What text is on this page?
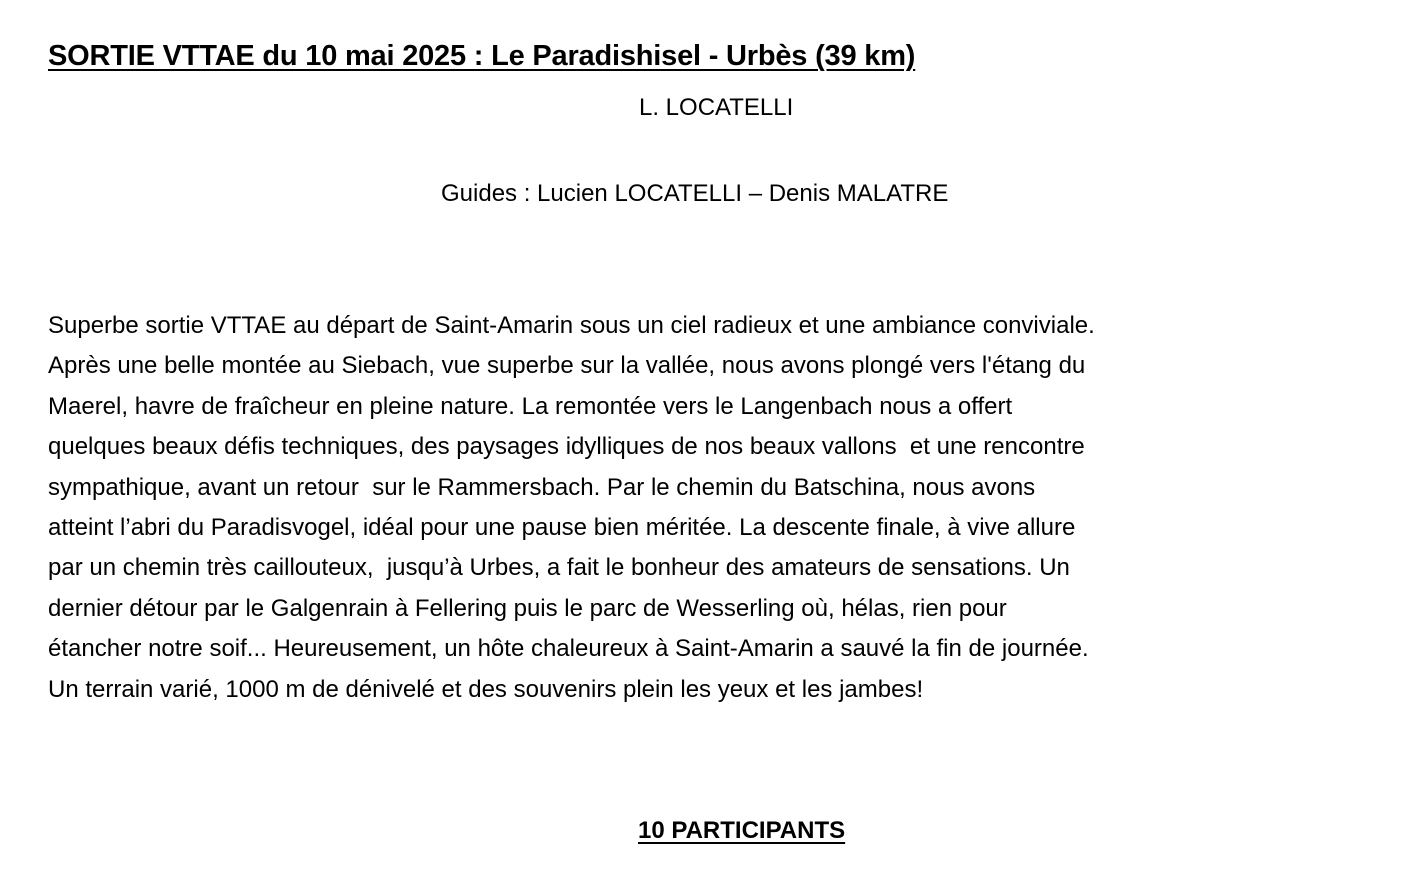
SORTIE VTTAE du 10 mai 2025 : Le Paradishisel - Urbès (39 km)

L. LOCATELLI

Guides : Lucien LOCATELLI – Denis MALATRE

Superbe sortie VTTAE au départ de Saint-Amarin sous un ciel radieux et une ambiance conviviale.
Après une belle montée au Siebach, vue superbe sur la vallée, nous avons plongé vers l'étang du
Maerel, havre de fraîcheur en pleine nature. La remontée vers le Langenbach nous a offert
quelques beaux défis techniques, des paysages idylliques de nos beaux vallons  et une rencontre
sympathique, avant un retour  sur le Rammersbach. Par le chemin du Batschina, nous avons
atteint l’abri du Paradisvogel, idéal pour une pause bien méritée. La descente finale, à vive allure
par un chemin très caillouteux,  jusqu’à Urbes, a fait le bonheur des amateurs de sensations. Un
dernier détour par le Galgenrain à Fellering puis le parc de Wesserling où, hélas, rien pour
étancher notre soif... Heureusement, un hôte chaleureux à Saint-Amarin a sauvé la fin de journée.
Un terrain varié, 1000 m de dénivelé et des souvenirs plein les yeux et les jambes!

10 PARTICIPANTS
